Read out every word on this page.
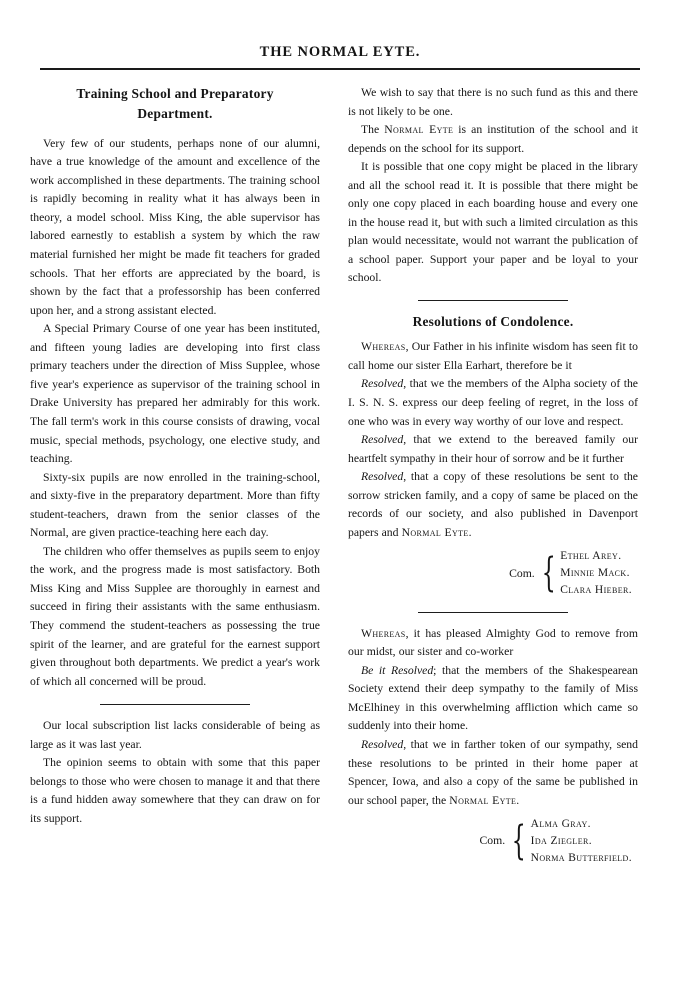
THE NORMAL EYTE.
Training School and Preparatory
Department.

Very few of our students, perhaps none of our alumni, have a true knowledge of the amount and excellence of the work accomplished in these departments. The training school is rapidly becoming in reality what it has always been in theory, a model school. Miss King, the able supervisor has labored earnestly to establish a system by which the raw material furnished her might be made fit teachers for graded schools. That her efforts are appreciated by the board, is shown by the fact that a professorship has been conferred upon her, and a strong assistant elected.

A Special Primary Course of one year has been instituted, and fifteen young ladies are developing into first class primary teachers under the direction of Miss Supplee, whose five year's experience as supervisor of the training school in Drake University has prepared her admirably for this work. The fall term's work in this course consists of drawing, vocal music, special methods, psychology, one elective study, and teaching.

Sixty-six pupils are now enrolled in the training-school, and sixty-five in the preparatory department. More than fifty student-teachers, drawn from the senior classes of the Normal, are given practice-teaching here each day.

The children who offer themselves as pupils seem to enjoy the work, and the progress made is most satisfactory. Both Miss King and Miss Supplee are thoroughly in earnest and succeed in firing their assistants with the same enthusiasm. They commend the student-teachers as possessing the true spirit of the learner, and are grateful for the earnest support given throughout both departments. We predict a year's work of which all concerned will be proud.

Our local subscription list lacks considerable of being as large as it was last year.

The opinion seems to obtain with some that this paper belongs to those who were chosen to manage it and that there is a fund hidden away somewhere that they can draw on for its support.

We wish to say that there is no such fund as this and there is not likely to be one.

The Normal Eyte is an institution of the school and it depends on the school for its support.

It is possible that one copy might be placed in the library and all the school read it. It is possible that there might be only one copy placed in each boarding house and every one in the house read it, but with such a limited circulation as this plan would necessitate, would not warrant the publication of a school paper. Support your paper and be loyal to your school.

Resolutions of Condolence.

Whereas, Our Father in his infinite wisdom has seen fit to call home our sister Ella Earhart, therefore be it

Resolved, that we the members of the Alpha society of the I. S. N. S. express our deep feeling of regret, in the loss of one who was in every way worthy of our love and respect.

Resolved, that we extend to the bereaved family our heartfelt sympathy in their hour of sorrow and be it further

Resolved, that a copy of these resolutions be sent to the sorrow stricken family, and a copy of same be placed on the records of our society, and also published in Davenport papers and Normal Eyte.

Com. { Ethel Arey.
Minnie Mack.
Clara Hieber.

Whereas, it has pleased Almighty God to remove from our midst, our sister and co-worker

Be it Resolved; that the members of the Shakespearean Society extend their deep sympathy to the family of Miss McElhiney in this overwhelming affliction which came so suddenly into their home.

Resolved, that we in farther token of our sympathy, send these resolutions to be printed in their home paper at Spencer, Iowa, and also a copy of the same be published in our school paper, the Normal Eyte.

Com. { Alma Gray.
Ida Ziegler.
Norma Butterfield.
